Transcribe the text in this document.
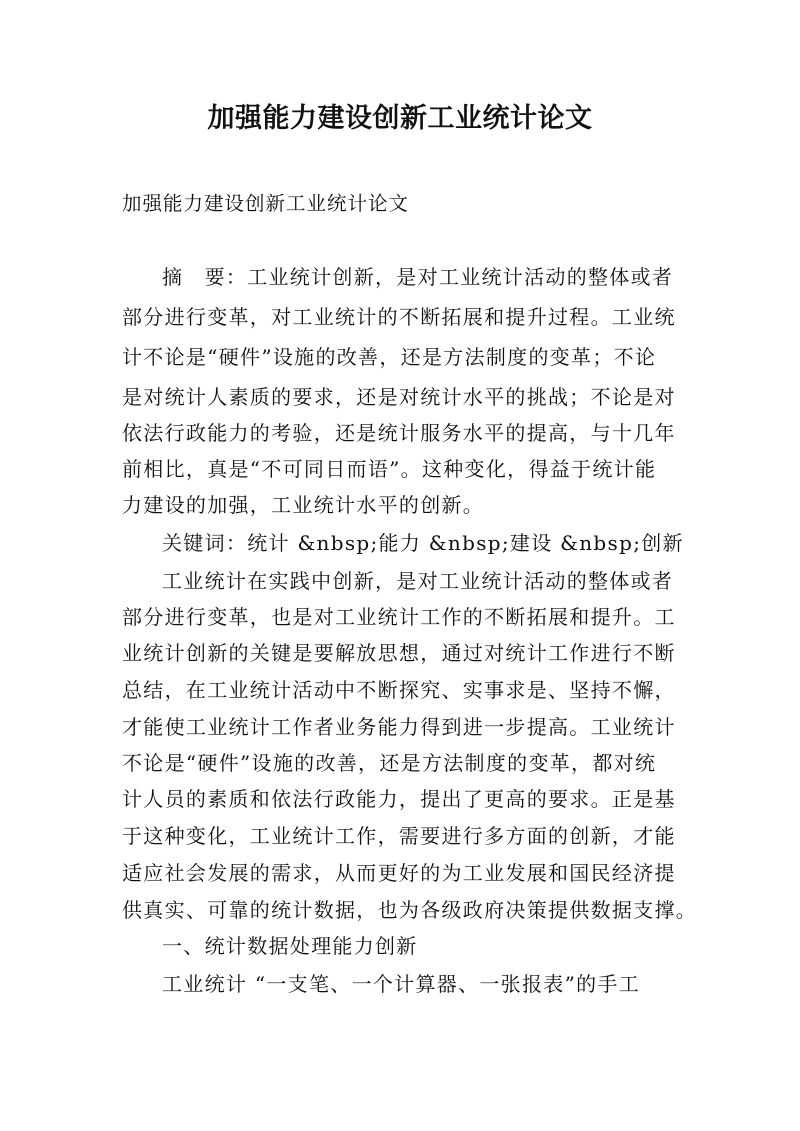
加强能力建设创新工业统计论文

加强能力建设创新工业统计论文

摘　要：工业统计创新，是对工业统计活动的整体或者

部分进行变革，对工业统计的不断拓展和提升过程。工业统

计不论是“硬件”设施的改善，还是方法制度的变革；不论

是对统计人素质的要求，还是对统计水平的挑战；不论是对

依法行政能力的考验，还是统计服务水平的提高，与十几年

前相比，真是“不可同日而语”。这种变化，得益于统计能

力建设的加强，工业统计水平的创新。

关键词：统计 &nbsp;能力 &nbsp;建设 &nbsp;创新

工业统计在实践中创新，是对工业统计活动的整体或者

部分进行变革，也是对工业统计工作的不断拓展和提升。工

业统计创新的关键是要解放思想，通过对统计工作进行不断

总结，在工业统计活动中不断探究、实事求是、坚持不懈，

才能使工业统计工作者业务能力得到进一步提高。工业统计

不论是“硬件”设施的改善，还是方法制度的变革，都对统

计人员的素质和依法行政能力，提出了更高的要求。正是基

于这种变化，工业统计工作，需要进行多方面的创新，才能

适应社会发展的需求，从而更好的为工业发展和国民经济提

供真实、可靠的统计数据，也为各级政府决策提供数据支撑。

一、统计数据处理能力创新

工业统计 “一支笔、一个计算器、一张报表”的手工
